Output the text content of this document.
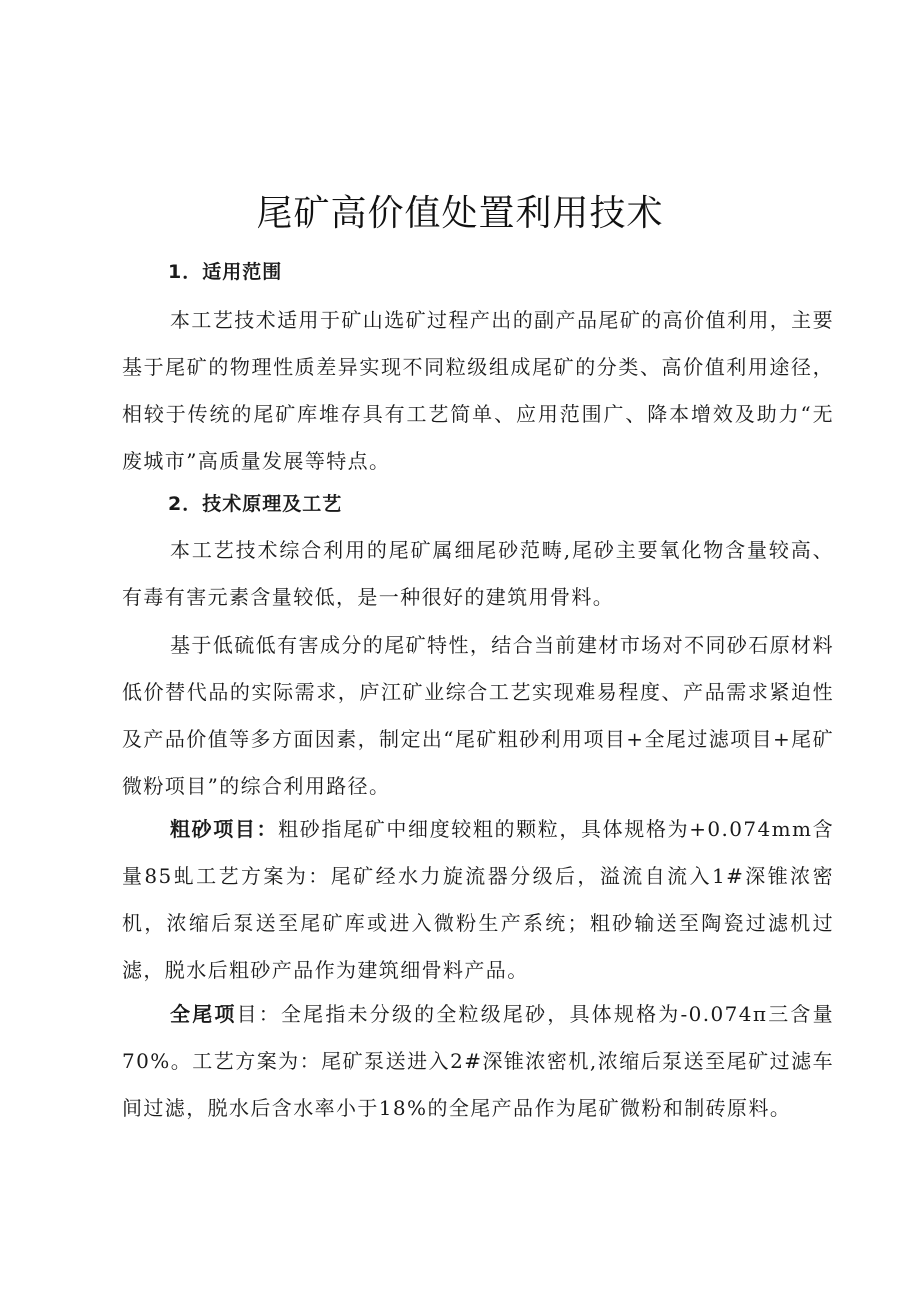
尾矿高价值处置利用技术
1．适用范围

本工艺技术适用于矿山选矿过程产出的副产品尾矿的高价值利用，主要基于尾矿的物理性质差异实现不同粒级组成尾矿的分类、高价值利用途径，相较于传统的尾矿库堆存具有工艺简单、应用范围广、降本增效及助力“无废城市”高质量发展等特点。

2．技术原理及工艺

本工艺技术综合利用的尾矿属细尾砂范畴,尾砂主要氧化物含量较高、有毒有害元素含量较低，是一种很好的建筑用骨料。

基于低硫低有害成分的尾矿特性，结合当前建材市场对不同砂石原材料低价替代品的实际需求，庐江矿业综合工艺实现难易程度、产品需求紧迫性及产品价值等多方面因素，制定出“尾矿粗砂利用项目+全尾过滤项目+尾矿微粉项目”的综合利用路径。

粗砂项目：粗砂指尾矿中细度较粗的颗粒，具体规格为+0.074mm含量85虬工艺方案为：尾矿经水力旋流器分级后，溢流自流入1#深锥浓密机，浓缩后泵送至尾矿库或进入微粉生产系统；粗砂输送至陶瓷过滤机过滤，脱水后粗砂产品作为建筑细骨料产品。

全尾项目：全尾指未分级的全粒级尾砂，具体规格为-0.074π三含量70%。工艺方案为：尾矿泵送进入2#深锥浓密机,浓缩后泵送至尾矿过滤车间过滤，脱水后含水率小于18%的全尾产品作为尾矿微粉和制砖原料。
